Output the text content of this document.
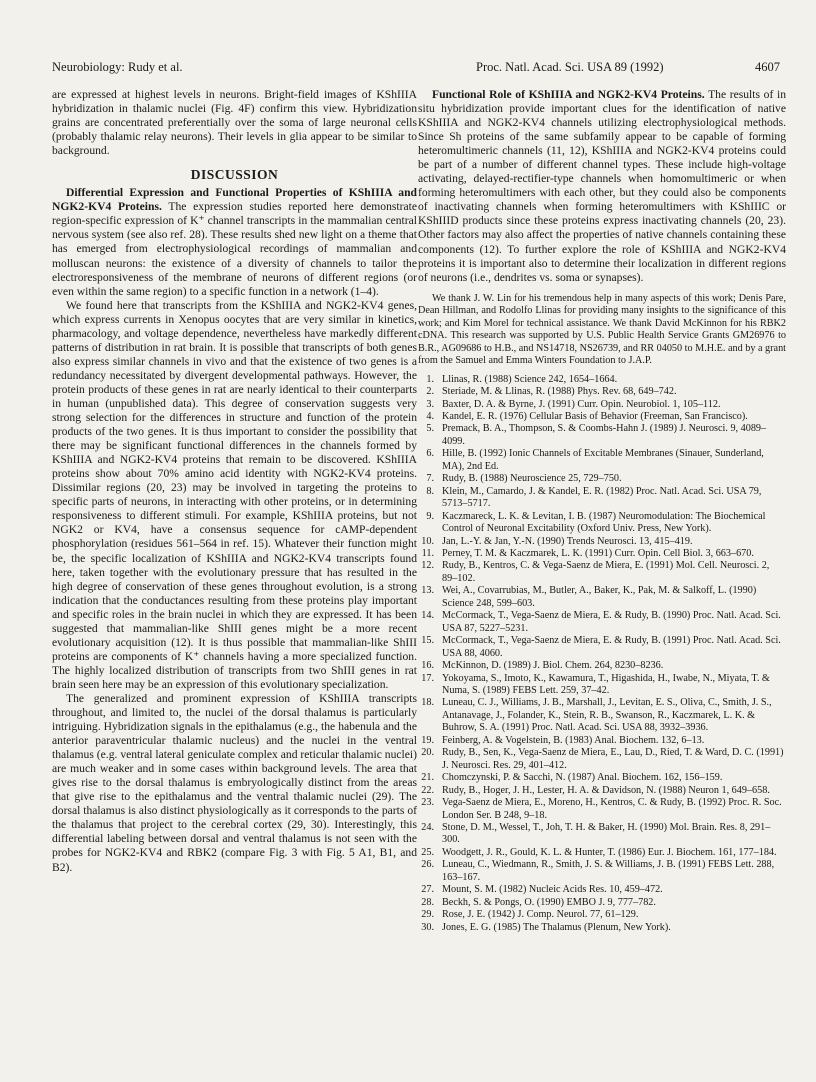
Neurobiology: Rudy et al.	Proc. Natl. Acad. Sci. USA 89 (1992)	4607

are expressed at highest levels in neurons. Bright-field images of KShIIIA hybridization in thalamic nuclei (Fig. 4F) confirm this view. Hybridization grains are concentrated preferentially over the soma of large neuronal cells (probably thalamic relay neurons). Their levels in glia appear to be similar to background.

DISCUSSION

Differential Expression and Functional Properties of KShIIIA and NGK2-KV4 Proteins. The expression studies reported here demonstrate region-specific expression of K⁺ channel transcripts in the mammalian central nervous system (see also ref. 28). These results shed new light on a theme that has emerged from electrophysiological recordings of mammalian and molluscan neurons: the existence of a diversity of channels to tailor the electroresponsiveness of the membrane of neurons of different regions (or even within the same region) to a specific function in a network (1–4).

We found here that transcripts from the KShIIIA and NGK2-KV4 genes, which express currents in Xenopus oocytes that are very similar in kinetics, pharmacology, and voltage dependence, nevertheless have markedly different patterns of distribution in rat brain. It is possible that transcripts of both genes also express similar channels in vivo and that the existence of two genes is a redundancy necessitated by divergent developmental pathways. However, the protein products of these genes in rat are nearly identical to their counterparts in human (unpublished data). This degree of conservation suggests very strong selection for the differences in structure and function of the protein products of the two genes. It is thus important to consider the possibility that there may be significant functional differences in the channels formed by KShIIIA and NGK2-KV4 proteins that remain to be discovered. KShIIIA proteins show about 70% amino acid identity with NGK2-KV4 proteins. Dissimilar regions (20, 23) may be involved in targeting the proteins to specific parts of neurons, in interacting with other proteins, or in determining responsiveness to different stimuli. For example, KShIIIA proteins, but not NGK2 or KV4, have a consensus sequence for cAMP-dependent phosphorylation (residues 561–564 in ref. 15). Whatever their function might be, the specific localization of KShIIIA and NGK2-KV4 transcripts found here, taken together with the evolutionary pressure that has resulted in the high degree of conservation of these genes throughout evolution, is a strong indication that the conductances resulting from these proteins play important and specific roles in the brain nuclei in which they are expressed. It has been suggested that mammalian-like ShIII genes might be a more recent evolutionary acquisition (12). It is thus possible that mammalian-like ShIII proteins are components of K⁺ channels having a more specialized function. The highly localized distribution of transcripts from two ShIII genes in rat brain seen here may be an expression of this evolutionary specialization.

The generalized and prominent expression of KShIIIA transcripts throughout, and limited to, the nuclei of the dorsal thalamus is particularly intriguing. Hybridization signals in the epithalamus (e.g., the habenula and the anterior paraventricular thalamic nucleus) and the nuclei in the ventral thalamus (e.g. ventral lateral geniculate complex and reticular thalamic nuclei) are much weaker and in some cases within background levels. The area that gives rise to the dorsal thalamus is embryologically distinct from the areas that give rise to the epithalamus and the ventral thalamic nuclei (29). The dorsal thalamus is also distinct physiologically as it corresponds to the parts of the thalamus that project to the cerebral cortex (29, 30). Interestingly, this differential labeling between dorsal and ventral thalamus is not seen with the probes for NGK2-KV4 and RBK2 (compare Fig. 3 with Fig. 5 A1, B1, and B2).

Functional Role of KShIIIA and NGK2-KV4 Proteins. The results of in situ hybridization provide important clues for the identification of native KShIIIA and NGK2-KV4 channels utilizing electrophysiological methods. Since Sh proteins of the same subfamily appear to be capable of forming heteromultimeric channels (11, 12), KShIIIA and NGK2-KV4 proteins could be part of a number of different channel types. These include high-voltage activating, delayed-rectifier-type channels when homomultimeric or when forming heteromultimers with each other, but they could also be components of inactivating channels when forming heteromultimers with KShIIIC or KShIIID products since these proteins express inactivating channels (20, 23). Other factors may also affect the properties of native channels containing these components (12). To further explore the role of KShIIIA and NGK2-KV4 proteins it is important also to determine their localization in different regions of neurons (i.e., dendrites vs. soma or synapses).

We thank J. W. Lin for his tremendous help in many aspects of this work; Denis Pare, Dean Hillman, and Rodolfo Llinas for providing many insights to the significance of this work; and Kim Morel for technical assistance. We thank David McKinnon for his RBK2 cDNA. This research was supported by U.S. Public Health Service Grants GM26976 to B.R., AG09686 to H.B., and NS14718, NS26739, and RR 04050 to M.H.E. and by a grant from the Samuel and Emma Winters Foundation to J.A.P.

1. Llinas, R. (1988) Science 242, 1654–1664.
2. Steriade, M. & Llinas, R. (1988) Phys. Rev. 68, 649–742.
3. Baxter, D. A. & Byrne, J. (1991) Curr. Opin. Neurobiol. 1, 105–112.
4. Kandel, E. R. (1976) Cellular Basis of Behavior (Freeman, San Francisco).
5. Premack, B. A., Thompson, S. & Coombs-Hahn J. (1989) J. Neurosci. 9, 4089–4099.
6. Hille, B. (1992) Ionic Channels of Excitable Membranes (Sinauer, Sunderland, MA), 2nd Ed.
7. Rudy, B. (1988) Neuroscience 25, 729–750.
8. Klein, M., Camardo, J. & Kandel, E. R. (1982) Proc. Natl. Acad. Sci. USA 79, 5713–5717.
9. Kaczmareck, L. K. & Levitan, I. B. (1987) Neuromodulation: The Biochemical Control of Neuronal Excitability (Oxford Univ. Press, New York).
10. Jan, L.-Y. & Jan, Y.-N. (1990) Trends Neurosci. 13, 415–419.
11. Perney, T. M. & Kaczmarek, L. K. (1991) Curr. Opin. Cell Biol. 3, 663–670.
12. Rudy, B., Kentros, C. & Vega-Saenz de Miera, E. (1991) Mol. Cell. Neurosci. 2, 89–102.
13. Wei, A., Covarrubias, M., Butler, A., Baker, K., Pak, M. & Salkoff, L. (1990) Science 248, 599–603.
14. McCormack, T., Vega-Saenz de Miera, E. & Rudy, B. (1990) Proc. Natl. Acad. Sci. USA 87, 5227–5231.
15. McCormack, T., Vega-Saenz de Miera, E. & Rudy, B. (1991) Proc. Natl. Acad. Sci. USA 88, 4060.
16. McKinnon, D. (1989) J. Biol. Chem. 264, 8230–8236.
17. Yokoyama, S., Imoto, K., Kawamura, T., Higashida, H., Iwabe, N., Miyata, T. & Numa, S. (1989) FEBS Lett. 259, 37–42.
18. Luneau, C. J., Williams, J. B., Marshall, J., Levitan, E. S., Oliva, C., Smith, J. S., Antanavage, J., Folander, K., Stein, R. B., Swanson, R., Kaczmarek, L. K. & Buhrow, S. A. (1991) Proc. Natl. Acad. Sci. USA 88, 3932–3936.
19. Feinberg, A. & Vogelstein, B. (1983) Anal. Biochem. 132, 6–13.
20. Rudy, B., Sen, K., Vega-Saenz de Miera, E., Lau, D., Ried, T. & Ward, D. C. (1991) J. Neurosci. Res. 29, 401–412.
21. Chomczynski, P. & Sacchi, N. (1987) Anal. Biochem. 162, 156–159.
22. Rudy, B., Hoger, J. H., Lester, H. A. & Davidson, N. (1988) Neuron 1, 649–658.
23. Vega-Saenz de Miera, E., Moreno, H., Kentros, C. & Rudy, B. (1992) Proc. R. Soc. London Ser. B 248, 9–18.
24. Stone, D. M., Wessel, T., Joh, T. H. & Baker, H. (1990) Mol. Brain. Res. 8, 291–300.
25. Woodgett, J. R., Gould, K. L. & Hunter, T. (1986) Eur. J. Biochem. 161, 177–184.
26. Luneau, C., Wiedmann, R., Smith, J. S. & Williams, J. B. (1991) FEBS Lett. 288, 163–167.
27. Mount, S. M. (1982) Nucleic Acids Res. 10, 459–472.
28. Beckh, S. & Pongs, O. (1990) EMBO J. 9, 777–782.
29. Rose, J. E. (1942) J. Comp. Neurol. 77, 61–129.
30. Jones, E. G. (1985) The Thalamus (Plenum, New York).
